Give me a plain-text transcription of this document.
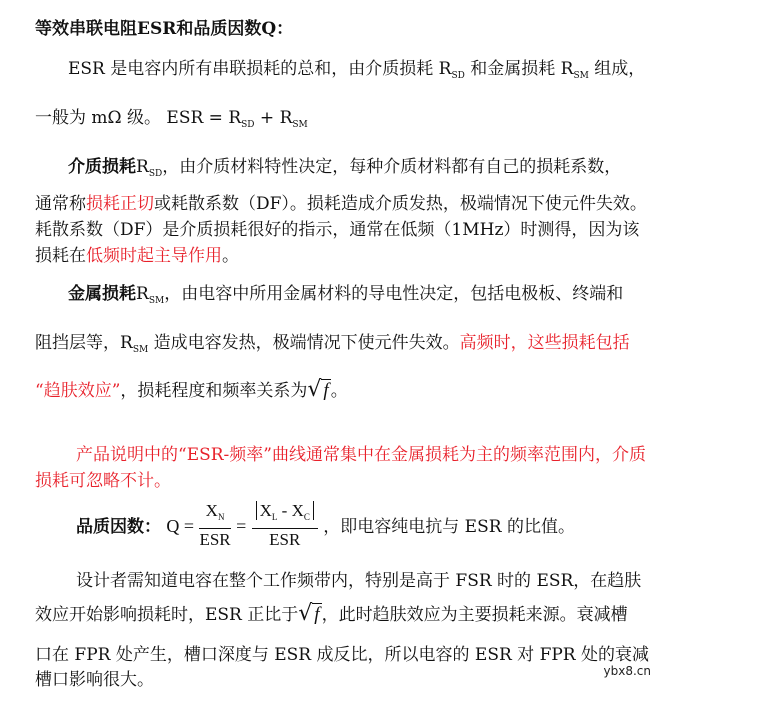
等效串联电阻ESR和品质因数Q：
ESR 是电容内所有串联损耗的总和，由介质损耗 $R_{SD}$ 和金属损耗 $R_{SM}$ 组成，
一般为 mΩ 级。 ESR = $R_{SD} + R_{SM}$
介质损耗$R_{SD}$，由介质材料特性决定，每种介质材料都有自己的损耗系数，
通常称损耗正切或耗散系数（DF）。损耗造成介质发热，极端情况下使元件失效。
耗散系数（DF）是介质损耗很好的指示，通常在低频（1MHz）时测得，因为该
损耗在低频时起主导作用。
金属损耗$R_{SM}$，由电容中所用金属材料的导电性决定，包括电极板、终端和
阻挡层等，$R_{SM}$ 造成电容发热，极端情况下使元件失效。高频时，这些损耗包括
“趋肤效应”，损耗程度和频率关系为√ f 。
产品说明中的“ESR-频率”曲线通常集中在金属损耗为主的频率范围内，介质
损耗可忽略不计。
品质因数： $Q = \frac{X_N}{\text{ESR}} = \frac{X_L - X_C}{\text{ESR}}$ ，即电容纯电抗与 ESR 的比值。
设计者需知道电容在整个工作频带内，特别是高于 FSR 时的 ESR，在趋肤
效应开始影响损耗时，ESR 正比于√ f ，此时趋肤效应为主要损耗来源。衰减槽
口在 FPR 处产生，槽口深度与 ESR 成反比，所以电容的 ESR 对 FPR 处的衰减
槽口影响很大。	ybx8.cn
